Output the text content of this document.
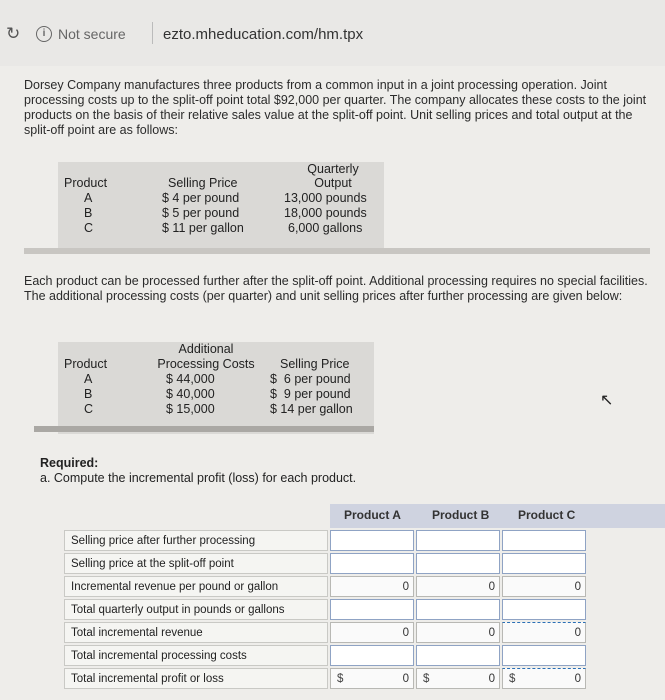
↻	i Not secure ezto.mheducation.com/hm.tpx
Dorsey Company manufactures three products from a common input in a joint processing operation. Joint processing costs up to the split-off point total $92,000 per quarter. The company allocates these costs to the joint products on the basis of their relative sales value at the split-off point. Unit selling prices and total output at the split-off point are as follows:
Product	Selling Price
Quarterly
Output
A	$ 4 per pound	13,000 pounds
B	$ 5 per pound	18,000 pounds
C	$ 11 per gallon	6,000 gallons
Each product can be processed further after the split-off point. Additional processing requires no special facilities. The additional processing costs (per quarter) and unit selling prices after further processing are given below:
Additional
Product	Processing Costs	Selling Price
A	$ 44,000	$  6 per pound
B	$ 40,000	$  9 per pound
C	$ 15,000	$ 14 per gallon	↖
Required:
a. Compute the incremental profit (loss) for each product.
Product A	Product B Product C
Selling price after further processing
Selling price at the split-off point
Incremental revenue per pound or gallon	0	0	0
Total quarterly output in pounds or gallons
Total incremental revenue	0	0	0
Total incremental processing costs
Total incremental profit or loss	$	0	$	0	$	0
